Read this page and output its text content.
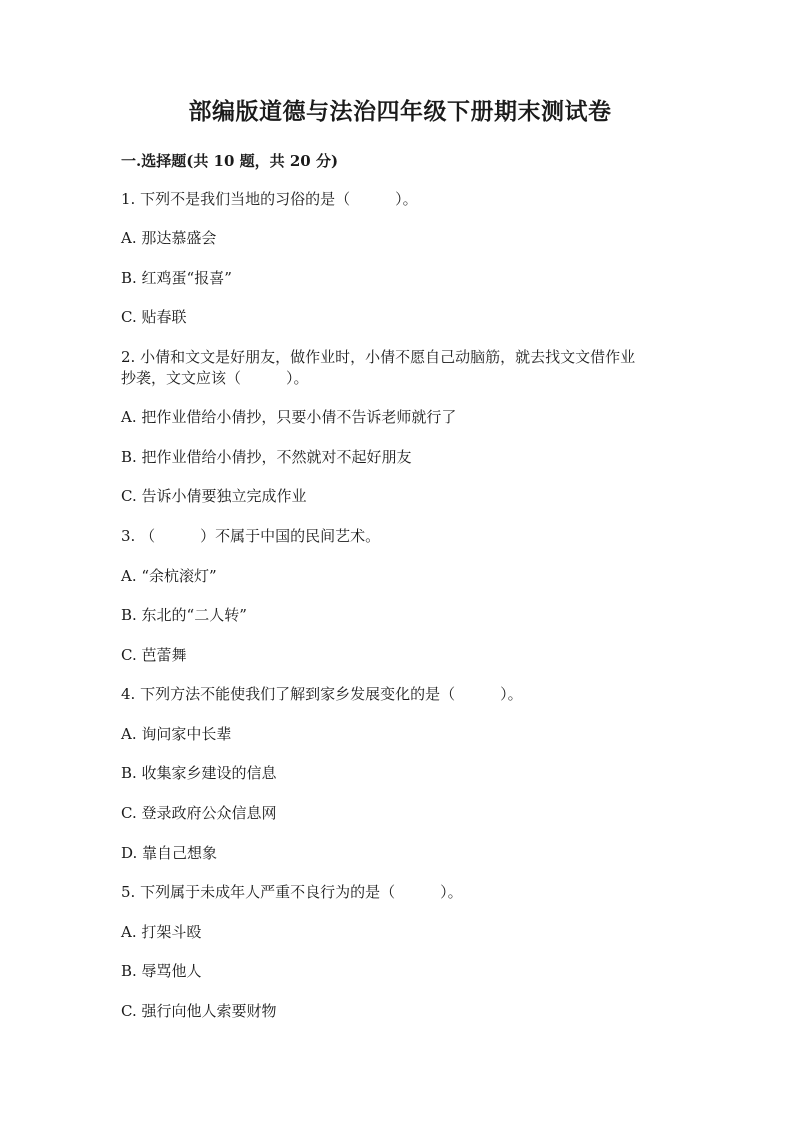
部编版道德与法治四年级下册期末测试卷
一.选择题(共 10 题，共 20 分)
1. 下列不是我们当地的习俗的是（　　　）。
A. 那达慕盛会
B. 红鸡蛋“报喜”
C. 贴春联
2. 小倩和文文是好朋友，做作业时，小倩不愿自己动脑筋，就去找文文借作业
抄袭，文文应该（　　　）。
A. 把作业借给小倩抄，只要小倩不告诉老师就行了
B. 把作业借给小倩抄，不然就对不起好朋友
C. 告诉小倩要独立完成作业
3. （　　　）不属于中国的民间艺术。
A. “余杭滚灯”
B. 东北的“二人转”
C. 芭蕾舞
4. 下列方法不能使我们了解到家乡发展变化的是（　　　）。
A. 询问家中长辈
B. 收集家乡建设的信息
C. 登录政府公众信息网
D. 靠自己想象
5. 下列属于未成年人严重不良行为的是（　　　）。
A. 打架斗殴
B. 辱骂他人
C. 强行向他人索要财物
